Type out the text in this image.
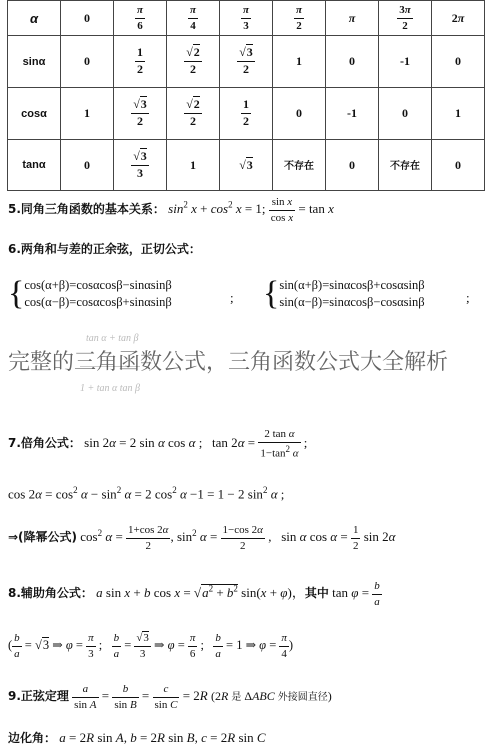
α	0	$\frac{\pi}{6}$	$\frac{\pi}{4}$	$\frac{\pi}{3}$	$\frac{\pi}{2}$	π	$\frac{3\pi}{2}$	2π
sinα	0	$\frac{1}{2}$	$\frac{√2}{2}$	$\frac{√3}{2}$	1	0	-1	0
cosα	1	$\frac{√3}{2}$	$\frac{√2}{2}$	$\frac{1}{2}$	0	-1	0	1
tanα	0	$\frac{√3}{3}$	1	√3	不存在	0	不存在	0
5.同角三角函数的基本关系： $\sin^2 x + \cos^2 x = 1$; $\frac{\text{sin x}}{\text{cos x}} = \tan x$
6.两角和与差的正余弦，正切公式：
{ cos(α+β)=cosαcosβ−sinαsinβ
cos(α−β)=cosαcosβ+sinαsinβ	; { sin(α+β)=sinαcosβ+cosαsinβ
sin(α−β)=sinαcosβ−cosαsinβ	;
tan α + tan β
1 + tan α tan β
完整的三角函数公式，三角函数公式大全解析
7.倍角公式： sin 2α = 2 sin α cos α ;   $\tan 2\alpha = \frac{\text{2 tan α}}{1-\tan^2 \alpha}$ ;
$\cos 2\alpha = \cos^2 \alpha - \sin^2 \alpha = 2$ $\cos^2 \alpha -1 = 1 - 2$ $\sin^2 \alpha$ ;
⇒(降幂公式) $\cos^2 \alpha = \frac{1+\cos 2\alpha}{2}$ , $\sin^2 \alpha = \frac{1-\cos 2\alpha}{2}$ ,   sin α $\cos \alpha = \frac{1}{2}$ sin 2α
8.辅助角公式： a sin x + b $\cos x = √a^2 + b^2$ sin(x + φ)，其中 $\tan \varphi = \frac{b}{a}$
( $\frac{b}{a} = √3$ ⇒ $\varphi = \frac{\pi}{3}$ ; $\frac{b}{a} = \frac{√3}{3}$ ⇒ $\varphi = \frac{\pi}{6}$ ; $\frac{b}{a} = 1$ ⇒ $\varphi = \frac{\pi}{4}$ )
9.正弦定理 $\frac{a}{\text{sin A}} = \frac{b}{\text{sin B}} = \frac{c}{\text{sin C}} = 2R$ (2R 是 ΔABC 外接圆直径)
边化角： a = 2R sin A, b = 2R sin B, c = 2R sin C
